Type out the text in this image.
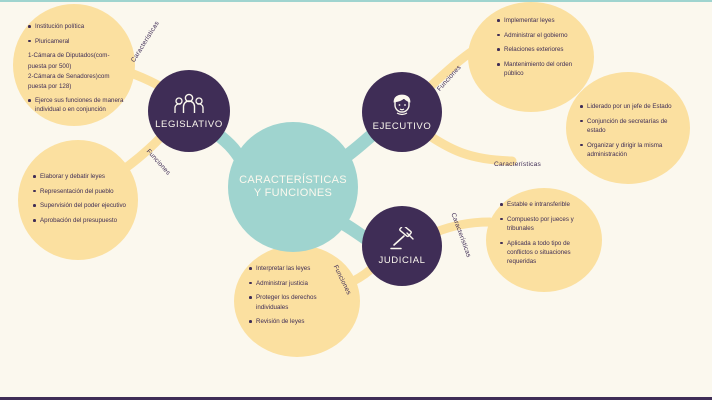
Institución política
Pluricameral
1-Cámara de Diputados(com-
puesta por 500)
2-Cámara de Senadores)com
puesta por 128)
Ejerce sus funciones de manera individual o en conjunción
Elaborar y debatir leyes
Representación del pueblo
Supervisión del poder ejecutivo
Aprobación del presupuesto
Implementar leyes
Administrar el gobierno
Relaciones exteriores
Mantenimiento del orden público
Liderado por un jefe de Estado
Conjunción de secretarías de estado
Organizar y dirigir la misma administración
Estable e intransferible
Compuesto por jueces y tribunales
Aplicada a todo tipo de conflictos o situaciones requeridas
Interpretar las leyes
Administrar justicia
Proteger los derechos individuales
Revisión de leyes
Características
Funciones
Funciones
Características
Características
Funciones
CARACTERÍSTICAS Y FUNCIONES
LEGISLATIVO	EJECUTIVO
JUDICIAL
